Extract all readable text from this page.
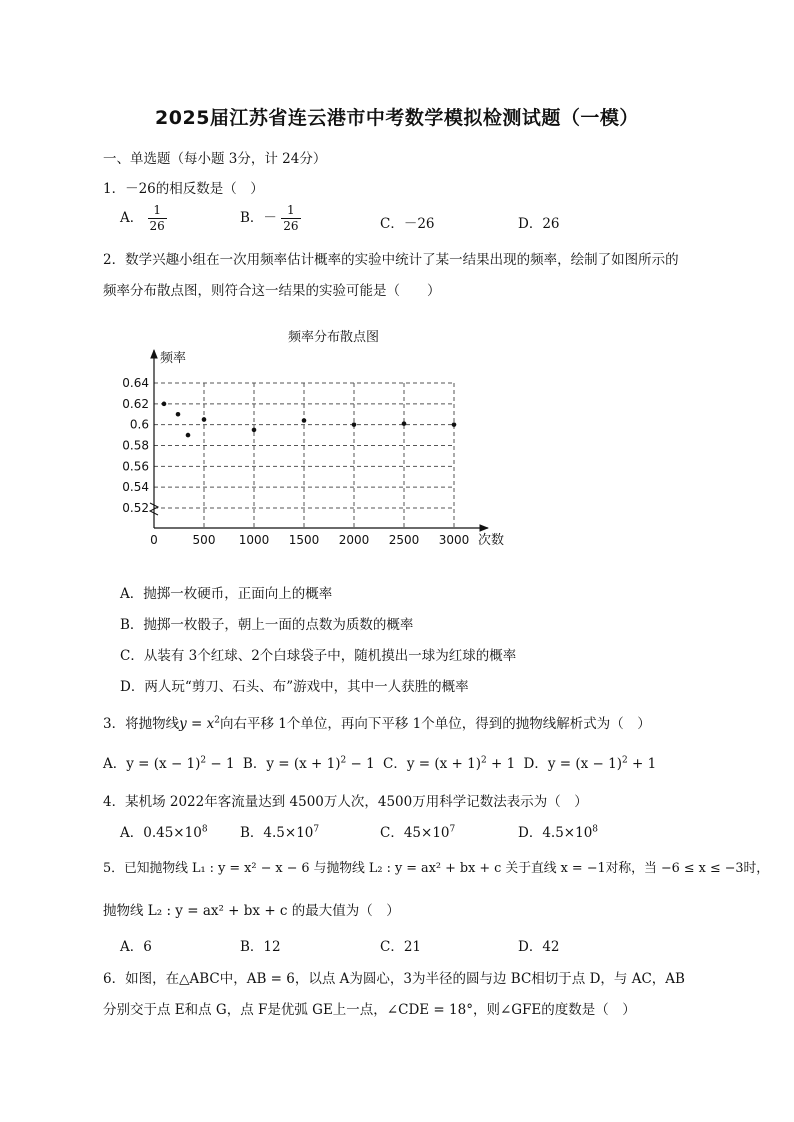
2025届江苏省连云港市中考数学模拟检测试题（一模）
一、单选题（每小题 3分，计 24分）
1．－26的相反数是（　）
A． $\frac{1}{26}$	B．－ $\frac{1}{26}$	C．－26	D．26
2．数学兴趣小组在一次用频率估计概率的实验中统计了某一结果出现的频率，绘制了如图所示的
频率分布散点图，则符合这一结果的实验可能是（　　）
频率分布散点图
频率
次数
0.52
0.54
0.56
0.58
0.6
0.62
0.64
0	500 1000 1500 2000 2500 3000
A．抛掷一枚硬币，正面向上的概率
B．抛掷一枚骰子，朝上一面的点数为质数的概率
C．从装有 3个红球、2个白球袋子中，随机摸出一球为红球的概率
D．两人玩“剪刀、石头、布”游戏中，其中一人获胜的概率
3．将抛物线$y = x^2$向右平移 1个单位，再向下平移 1个单位，得到的抛物线解析式为（　）
A．$y = (x - 1)^2 - 1$ B．$y = (x + 1)^2 - 1$ C．$y = (x + 1)^2 + 1$ D．$y = (x - 1)^2 + 1$
4．某机场 2022年客流量达到 4500万人次，4500万用科学记数法表示为（　）
A．$0.45\times 10^8$ B．$4.5\times 10^7$	C．$45\times 10^7$	D．$4.5\times 10^8$
5．已知抛物线 L₁ : y = x² − x − 6 与抛物线 L₂ : y = ax² + bx + c 关于直线 x = −1对称，当 −6 ≤ x ≤ −3时，
抛物线 L₂ : y = ax² + bx + c 的最大值为（　）
A．6	B．12	C．21	D．42
6．如图，在△ABC中，AB = 6，以点 A为圆心，3为半径的圆与边 BC相切于点 D，与 AC，AB
分别交于点 E和点 G，点 F是优弧 GE上一点，∠CDE = 18°，则∠GFE的度数是（　）
